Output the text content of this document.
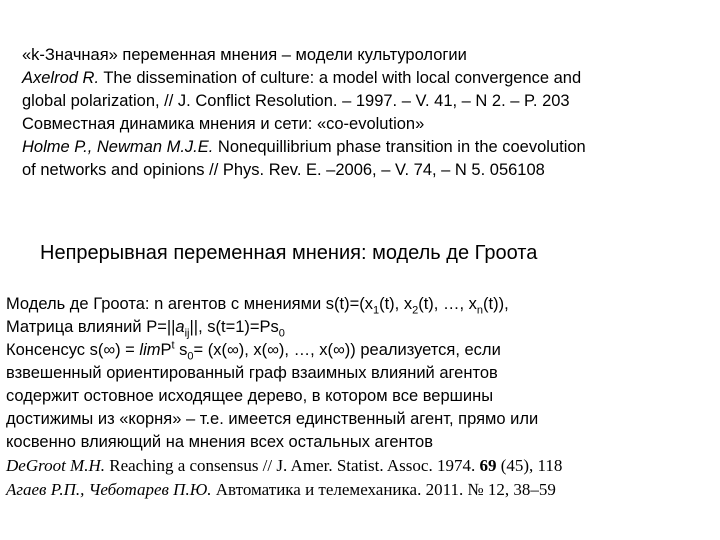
«k-Значная» переменная мнения – модели культурологии
Axelrod R. The dissemination of culture: a model with local convergence and
global polarization, // J. Conflict Resolution. – 1997. – V. 41, – N 2. – P. 203
Совместная динамика мнения и сети: «co-evolution»
Holme P., Newman M.J.E. Nonequillibrium phase transition in the coevolution
of networks and opinions // Phys. Rev. E. –2006, – V. 74, – N 5. 056108
Непрерывная переменная мнения: модель де Гроота
Модель де Гроота: n агентов с мнениями $s(t)=(x_1(t)$, $x_2(t)$, …, $x_n(t)$),
Матрица влияний $P=||a_{ij}||$, $s(t=1)=Ps_0$
Консенсус s(∞) = limP$^t$ $s_0= (x(\infty)$, x(∞), …, x(∞)) реализуется, если
взвешенный ориентированный граф взаимных влияний агентов
содержит остовное исходящее дерево, в котором все вершины
достижимы из «корня» – т.е. имеется единственный агент, прямо или
косвенно влияющий на мнения всех остальных агентов
DeGroot M.H. Reaching a consensus // J. Amer. Statist. Assoc. 1974. 69 (45), 118
Агаев Р.П., Чеботарев П.Ю. Автоматика и телемеханика. 2011. № 12, 38–59
